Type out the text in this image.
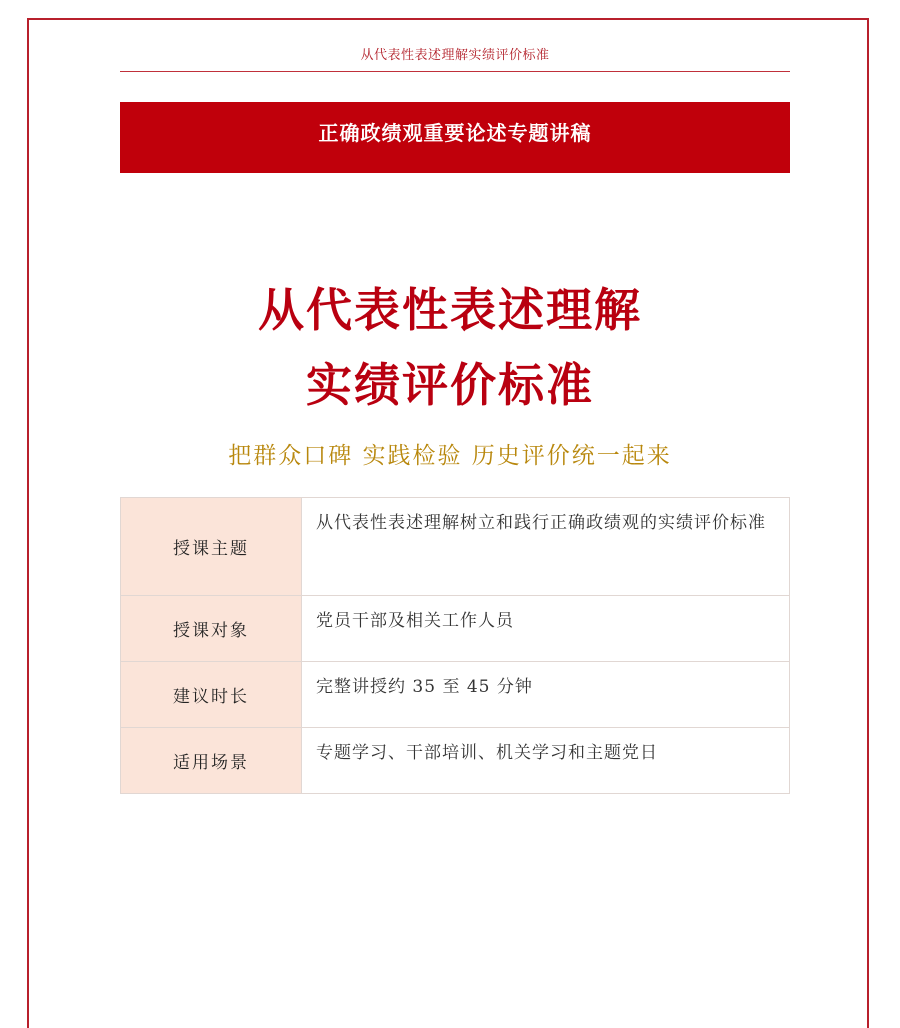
从代表性表述理解实绩评价标准
正确政绩观重要论述专题讲稿
从代表性表述理解
实绩评价标准
把群众口碑 实践检验 历史评价统一起来
授课主题	从代表性表述理解树立和践行正确政绩观的实绩评价标准
授课对象	党员干部及相关工作人员
建议时长	完整讲授约 35 至 45 分钟
适用场景	专题学习、干部培训、机关学习和主题党日
